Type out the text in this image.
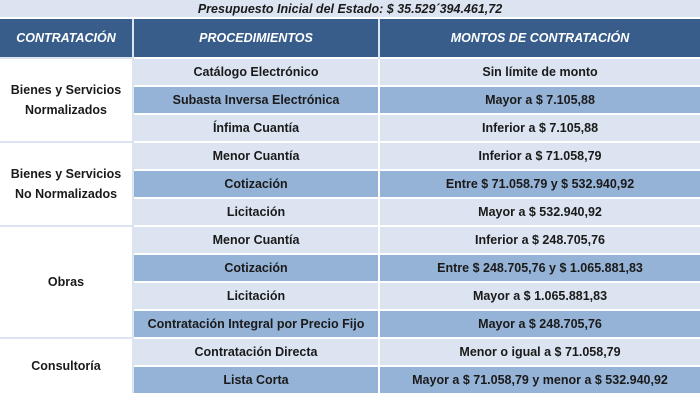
Presupuesto Inicial del Estado: $ 35.529´394.461,72		
CONTRATACIÓN	PROCEDIMIENTOS	MONTOS DE CONTRATACIÓN

Bienes y Servicios
Normalizados	Catálogo Electrónico	Sin límite de monto
	Subasta Inversa Electrónica	Mayor a $ 7.105,88
	Ínfima Cuantía	Inferior a $ 7.105,88

Bienes y Servicios
No Normalizados	Menor Cuantía	Inferior a $ 71.058,79
	Cotización	Entre $ 71.058.79 y $ 532.940,92
	Licitación	Mayor a $ 532.940,92

Obras	Menor Cuantía	Inferior a $ 248.705,76
	Cotización	Entre $ 248.705,76 y $ 1.065.881,83
	Licitación	Mayor a $ 1.065.881,83
	Contratación Integral por Precio Fijo	Mayor a $ 248.705,76

Consultoría	Contratación Directa	Menor o igual a $ 71.058,79
	Lista Corta	Mayor a $ 71.058,79 y menor a $ 532.940,92
